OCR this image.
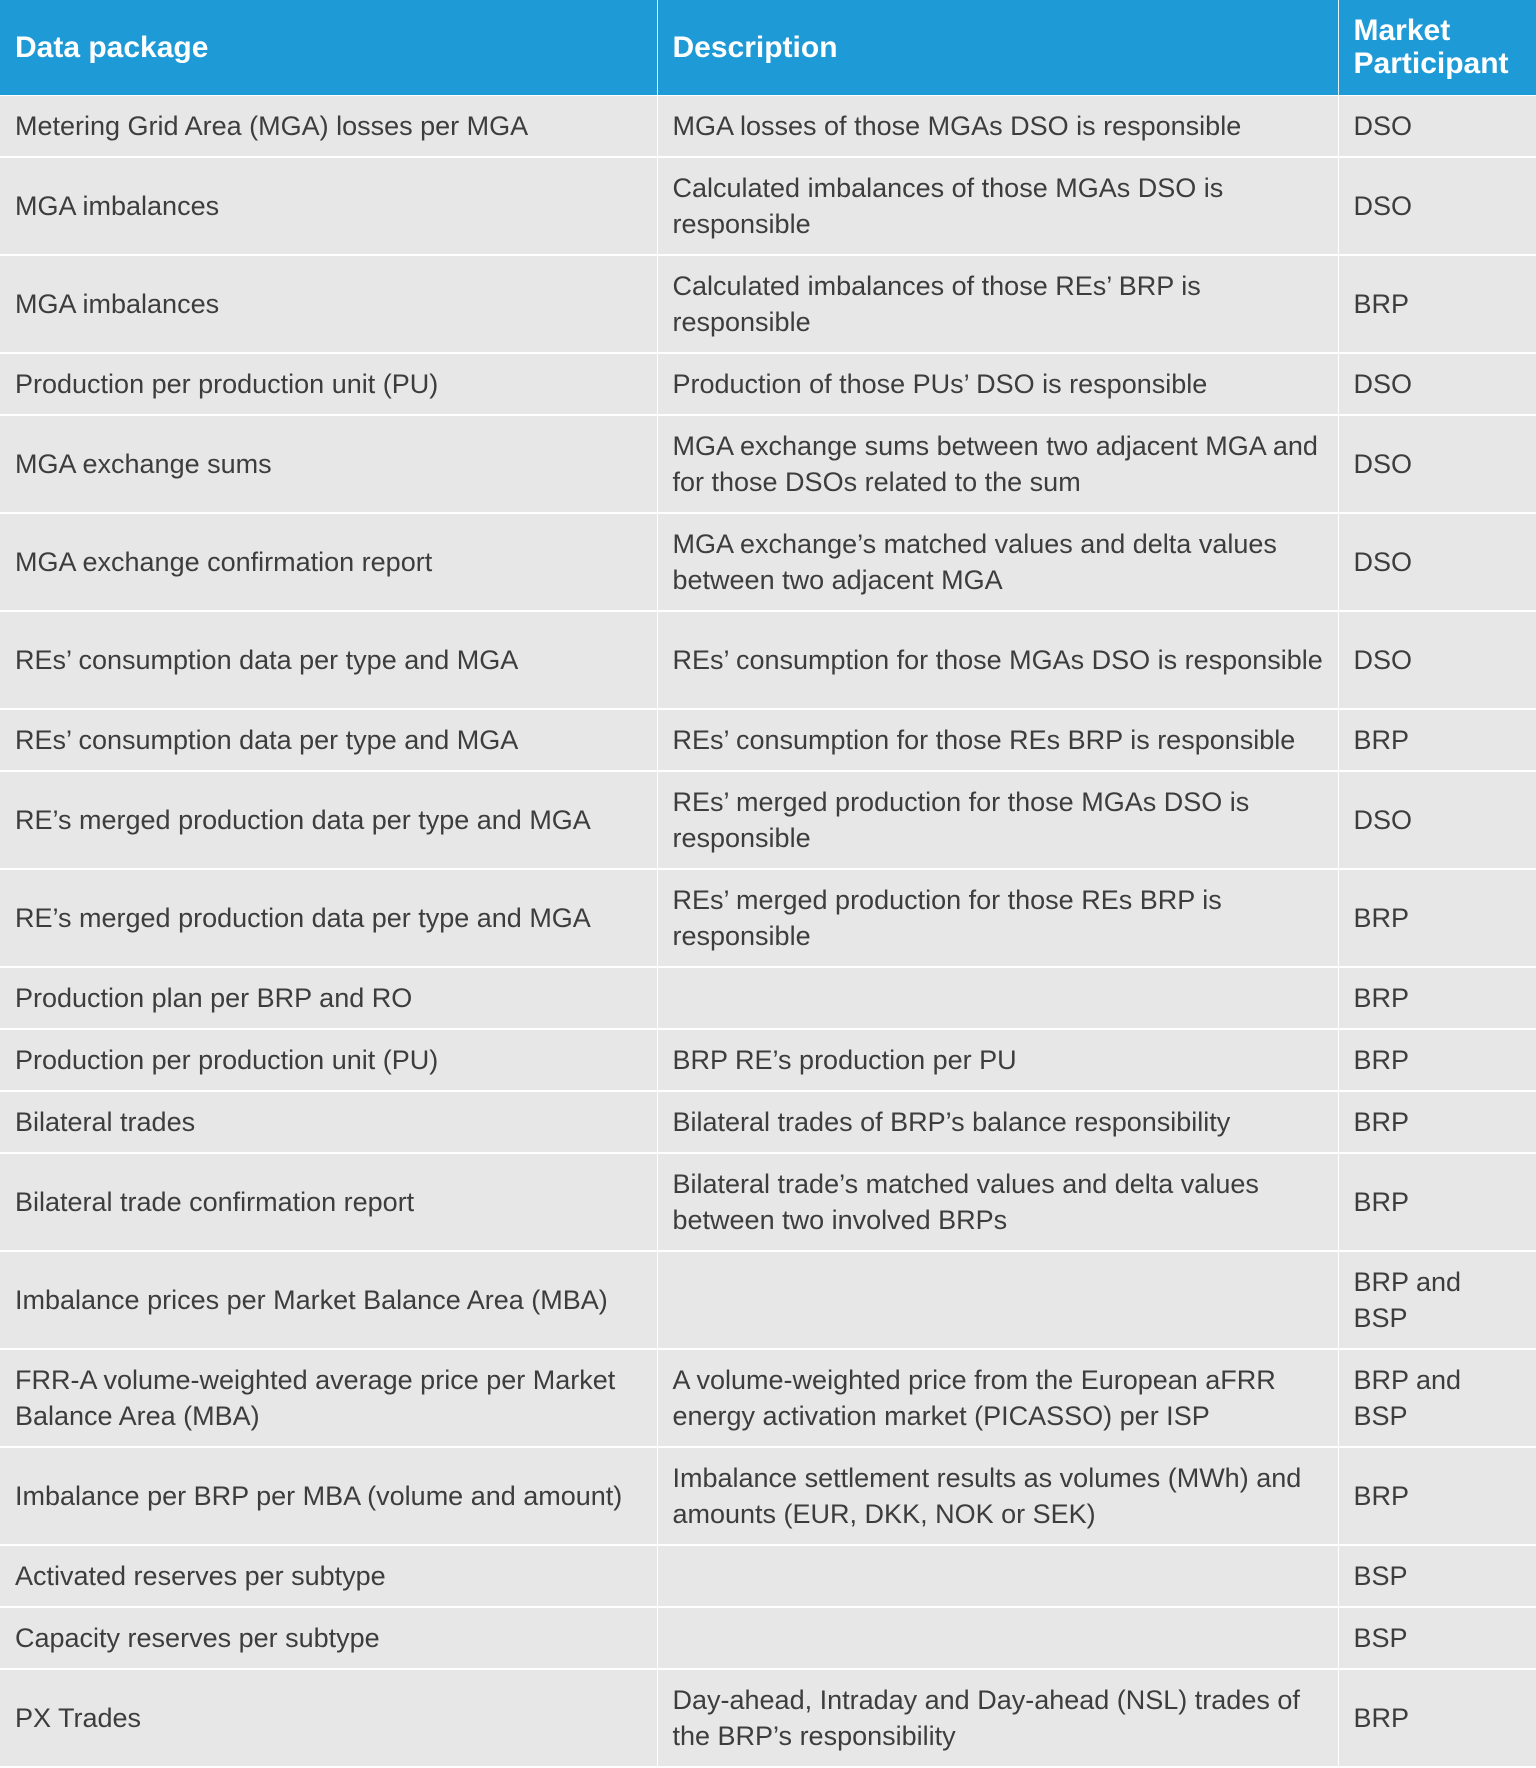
Data package	Description	Market Participant
Metering Grid Area (MGA) losses per MGA	MGA losses of those MGAs DSO is responsible	DSO
MGA imbalances	Calculated imbalances of those MGAs DSO is responsible	DSO
MGA imbalances	Calculated imbalances of those REs’ BRP is responsible	BRP
Production per production unit (PU)	Production of those PUs’ DSO is responsible	DSO
MGA exchange sums	MGA exchange sums between two adjacent MGA and for those DSOs related to the sum	DSO
MGA exchange confirmation report	MGA exchange’s matched values and delta values between two adjacent MGA	DSO
REs’ consumption data per type and MGA	REs’ consumption for those MGAs DSO is responsible	DSO
REs’ consumption data per type and MGA	REs’ consumption for those REs BRP is responsible	BRP
RE’s merged production data per type and MGA	REs’ merged production for those MGAs DSO is responsible	DSO
RE’s merged production data per type and MGA	REs’ merged production for those REs BRP is responsible	BRP
Production plan per BRP and RO		BRP
Production per production unit (PU)	BRP RE’s production per PU	BRP
Bilateral trades	Bilateral trades of BRP’s balance responsibility	BRP
Bilateral trade confirmation report	Bilateral trade’s matched values and delta values between two involved BRPs	BRP
Imbalance prices per Market Balance Area (MBA)		BRP and BSP
FRR-A volume-weighted average price per Market Balance Area (MBA)	A volume-weighted price from the European aFRR energy activation market (PICASSO) per ISP	BRP and BSP
Imbalance per BRP per MBA (volume and amount)	Imbalance settlement results as volumes (MWh) and amounts (EUR, DKK, NOK or SEK)	BRP
Activated reserves per subtype		BSP
Capacity reserves per subtype		BSP
PX Trades	Day-ahead, Intraday and Day-ahead (NSL) trades of the BRP’s responsibility	BRP
